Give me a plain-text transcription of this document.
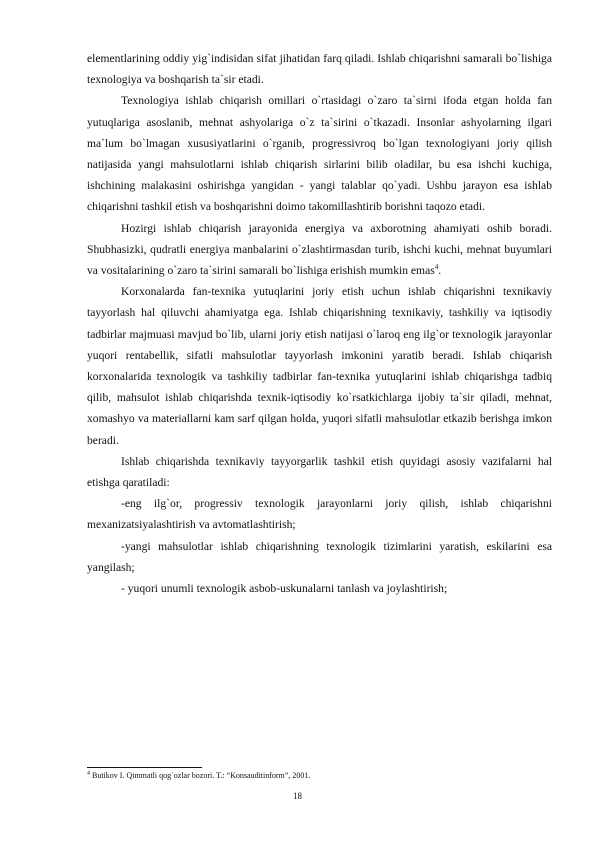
elementlarining oddiy yig`indisidan sifat jihatidan farq qiladi. Ishlab chiqarishni samarali bo`lishiga texnologiya va boshqarish ta`sir etadi.

Texnologiya ishlab chiqarish omillari o`rtasidagi o`zaro ta`sirni ifoda etgan holda fan yutuqlariga asoslanib, mehnat ashyolariga o`z ta`sirini o`tkazadi. Insonlar ashyolarning ilgari ma`lum bo`lmagan xususiyatlarini o`rganib, progressivroq bo`lgan texnologiyani joriy qilish natijasida yangi mahsulotlarni ishlab chiqarish sirlarini bilib oladilar, bu esa ishchi kuchiga, ishchining malakasini oshirishga yangidan - yangi talablar qo`yadi. Ushbu jarayon esa ishlab chiqarishni tashkil etish va boshqarishni doimo takomillashtirib borishni taqozo etadi.

Hozirgi ishlab chiqarish jarayonida energiya va axborotning ahamiyati oshib boradi. Shubhasizki, qudratli energiya manbalarini o`zlashtirmasdan turib, ishchi kuchi, mehnat buyumlari va vositalarining o`zaro ta`sirini samarali bo`lishiga erishish mumkin emas$^4$.

Korxonalarda fan-texnika yutuqlarini joriy etish uchun ishlab chiqarishni texnikaviy tayyorlash hal qiluvchi ahamiyatga ega. Ishlab chiqarishning texnikaviy, tashkiliy va iqtisodiy tadbirlar majmuasi mavjud bo`lib, ularni joriy etish natijasi o`laroq eng ilg`or texnologik jarayonlar yuqori rentabellik, sifatli mahsulotlar tayyorlash imkonini yaratib beradi. Ishlab chiqarish korxonalarida texnologik va tashkiliy tadbirlar fan-texnika yutuqlarini ishlab chiqarishga tadbiq qilib, mahsulot ishlab chiqarishda texnik-iqtisodiy ko`rsatkichlarga ijobiy ta`sir qiladi, mehnat, xomashyo va materiallarni kam sarf qilgan holda, yuqori sifatli mahsulotlar etkazib berishga imkon beradi.

Ishlab chiqarishda texnikaviy tayyorgarlik tashkil etish quyidagi asosiy vazifalarni hal etishga qaratiladi:

-eng ilg`or, progressiv texnologik jarayonlarni joriy qilish, ishlab chiqarishni mexanizatsiyalashtirish va avtomatlashtirish;

-yangi mahsulotlar ishlab chiqarishning texnologik tizimlarini yaratish, eskilarini esa yangilash;

- yuqori unumli texnologik asbob-uskunalarni tanlash va joylashtirish;

$^4$ Butikov I. Qimmatli qog`ozlar bozori. T.: “Konsauditinform”, 2001.
18
